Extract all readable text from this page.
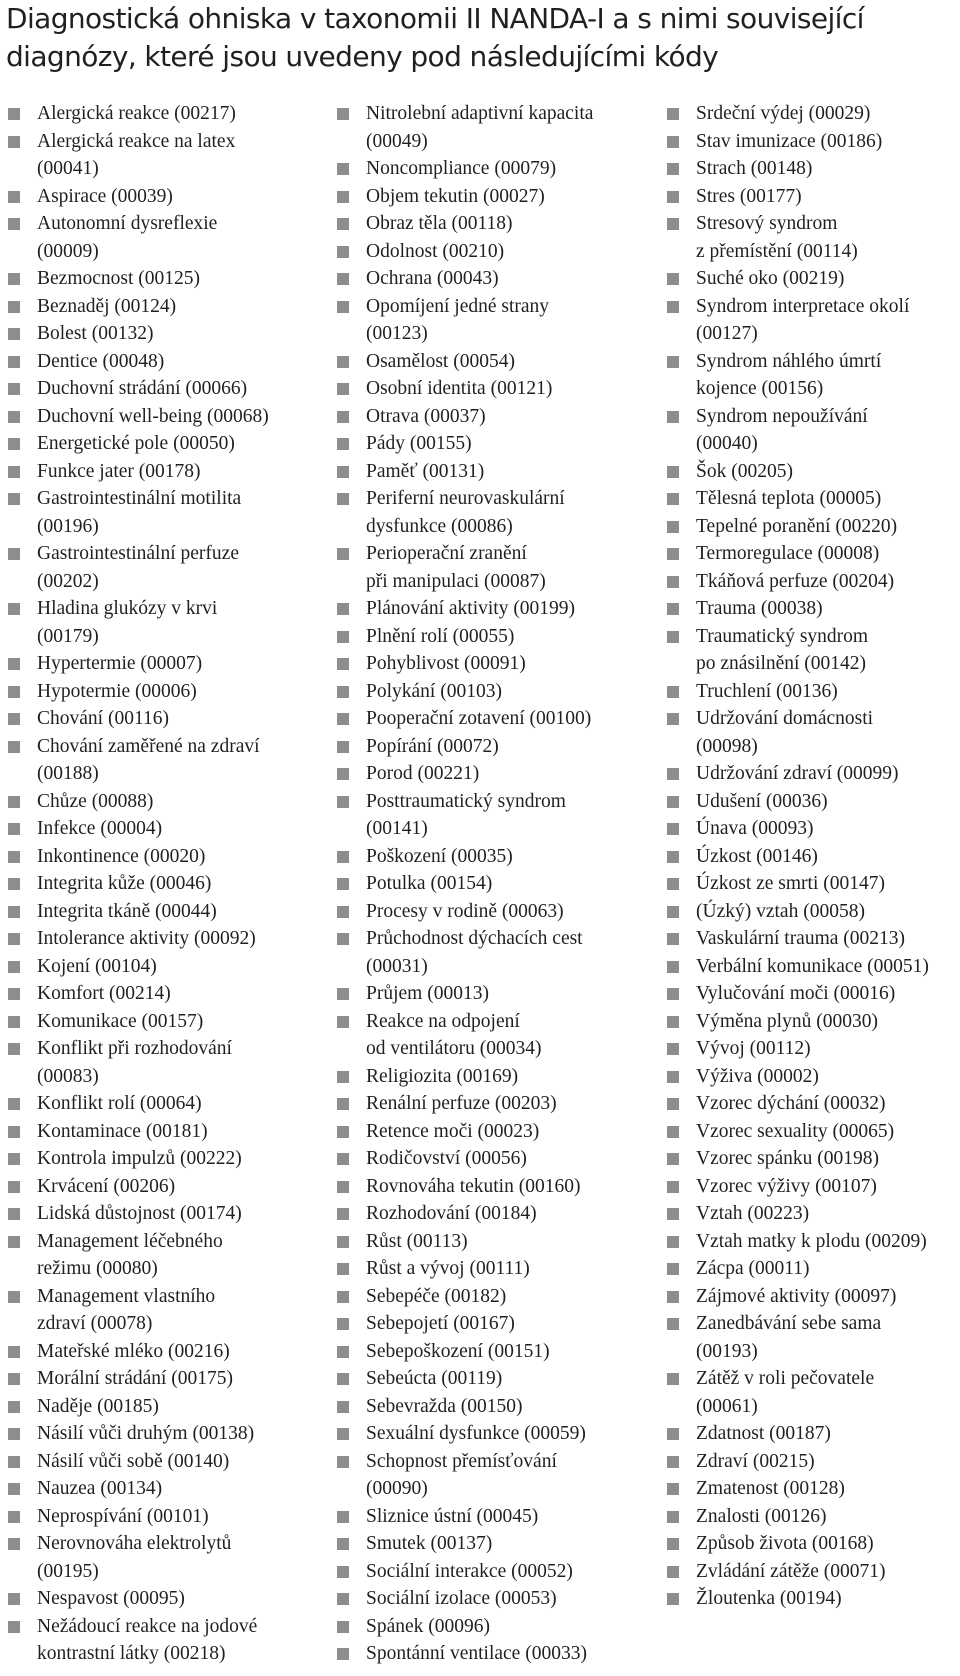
Diagnostická ohniska v taxonomii II NANDA-I a s nimi související diagnózy, které jsou uvedeny pod následujícími kódy
Alergická reakce (00217)
Alergická reakce na latex
(00041)
Aspirace (00039)
Autonomní dysreflexie
(00009)
Bezmocnost (00125)
Beznaděj (00124)
Bolest (00132)
Dentice (00048)
Duchovní strádání (00066)
Duchovní well-being (00068)
Energetické pole (00050)
Funkce jater (00178)
Gastrointestinální motilita
(00196)
Gastrointestinální perfuze
(00202)
Hladina glukózy v krvi
(00179)
Hypertermie (00007)
Hypotermie (00006)
Chování (00116)
Chování zaměřené na zdraví
(00188)
Chůze (00088)
Infekce (00004)
Inkontinence (00020)
Integrita kůže (00046)
Integrita tkáně (00044)
Intolerance aktivity (00092)
Kojení (00104)
Komfort (00214)
Komunikace (00157)
Konflikt při rozhodování
(00083)
Konflikt rolí (00064)
Kontaminace (00181)
Kontrola impulzů (00222)
Krvácení (00206)
Lidská důstojnost (00174)
Management léčebného
režimu (00080)
Management vlastního
zdraví (00078)
Mateřské mléko (00216)
Morální strádání (00175)
Naděje (00185)
Násilí vůči druhým (00138)
Násilí vůči sobě (00140)
Nauzea (00134)
Neprospívání (00101)
Nerovnováha elektrolytů
(00195)
Nespavost (00095)
Nežádoucí reakce na jodové
kontrastní látky (00218)
Nitrolební adaptivní kapacita
(00049)
Noncompliance (00079)
Objem tekutin (00027)
Obraz těla (00118)
Odolnost (00210)
Ochrana (00043)
Opomíjení jedné strany
(00123)
Osamělost (00054)
Osobní identita (00121)
Otrava (00037)
Pády (00155)
Paměť (00131)
Periferní neurovaskulární
dysfunkce (00086)
Perioperační zranění
při manipulaci (00087)
Plánování aktivity (00199)
Plnění rolí (00055)
Pohyblivost (00091)
Polykání (00103)
Pooperační zotavení (00100)
Popírání (00072)
Porod (00221)
Posttraumatický syndrom
(00141)
Poškození (00035)
Potulka (00154)
Procesy v rodině (00063)
Průchodnost dýchacích cest
(00031)
Průjem (00013)
Reakce na odpojení
od ventilátoru (00034)
Religiozita (00169)
Renální perfuze (00203)
Retence moči (00023)
Rodičovství (00056)
Rovnováha tekutin (00160)
Rozhodování (00184)
Růst (00113)
Růst a vývoj (00111)
Sebepéče (00182)
Sebepojetí (00167)
Sebepoškození (00151)
Sebeúcta (00119)
Sebevražda (00150)
Sexuální dysfunkce (00059)
Schopnost přemísťování
(00090)
Sliznice ústní (00045)
Smutek (00137)
Sociální interakce (00052)
Sociální izolace (00053)
Spánek (00096)
Spontánní ventilace (00033)
Srdeční výdej (00029)
Stav imunizace (00186)
Strach (00148)
Stres (00177)
Stresový syndrom
z přemístění (00114)
Suché oko (00219)
Syndrom interpretace okolí
(00127)
Syndrom náhlého úmrtí
kojence (00156)
Syndrom nepoužívání
(00040)
Šok (00205)
Tělesná teplota (00005)
Tepelné poranění (00220)
Termoregulace (00008)
Tkáňová perfuze (00204)
Trauma (00038)
Traumatický syndrom
po znásilnění (00142)
Truchlení (00136)
Udržování domácnosti
(00098)
Udržování zdraví (00099)
Udušení (00036)
Únava (00093)
Úzkost (00146)
Úzkost ze smrti (00147)
(Úzký) vztah (00058)
Vaskulární trauma (00213)
Verbální komunikace (00051)
Vylučování moči (00016)
Výměna plynů (00030)
Vývoj (00112)
Výživa (00002)
Vzorec dýchání (00032)
Vzorec sexuality (00065)
Vzorec spánku (00198)
Vzorec výživy (00107)
Vztah (00223)
Vztah matky k plodu (00209)
Zácpa (00011)
Zájmové aktivity (00097)
Zanedbávání sebe sama
(00193)
Zátěž v roli pečovatele
(00061)
Zdatnost (00187)
Zdraví (00215)
Zmatenost (00128)
Znalosti (00126)
Způsob života (00168)
Zvládání zátěže (00071)
Žloutenka (00194)
